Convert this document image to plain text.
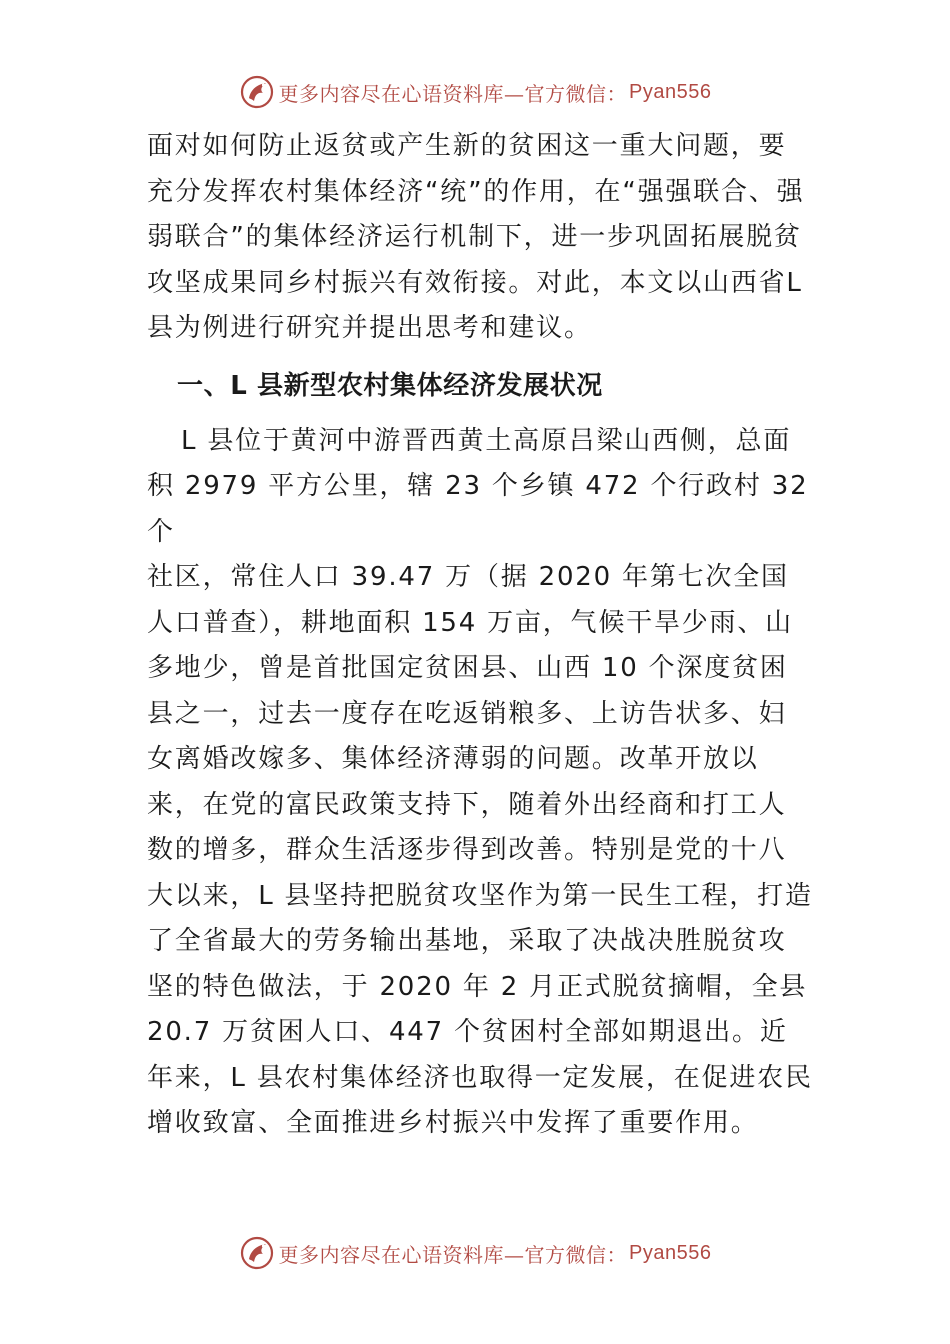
更多内容尽在心语资料库—官方微信： Pyan556

面对如何防止返贫或产生新的贫困这一重大问题，要充分发挥农村集体经济“统”的作用，在“强强联合、强弱联合”的集体经济运行机制下，进一步巩固拓展脱贫攻坚成果同乡村振兴有效衔接。对此，本文以山西省L 县为例进行研究并提出思考和建议。

一、L 县新型农村集体经济发展状况

L 县位于黄河中游晋西黄土高原吕梁山西侧，总面积 2979 平方公里，辖 23 个乡镇 472 个行政村 32 个

社区，常住人口 39.47 万（据 2020 年第七次全国人口普查），耕地面积 154 万亩，气候干旱少雨、山多地少，曾是首批国定贫困县、山西 10 个深度贫困县之一，过去一度存在吃返销粮多、上访告状多、妇女离婚改嫁多、集体经济薄弱的问题。改革开放以来，在党的富民政策支持下，随着外出经商和打工人数的增多，群众生活逐步得到改善。特别是党的十八大以来，L 县坚持把脱贫攻坚作为第一民生工程，打造了全省最大的劳务输出基地，采取了决战决胜脱贫攻坚的特色做法，于 2020 年 2 月正式脱贫摘帽，全县20.7 万贫困人口、447 个贫困村全部如期退出。近年来，L 县农村集体经济也取得一定发展，在促进农民增收致富、全面推进乡村振兴中发挥了重要作用。

更多内容尽在心语资料库—官方微信： Pyan556
